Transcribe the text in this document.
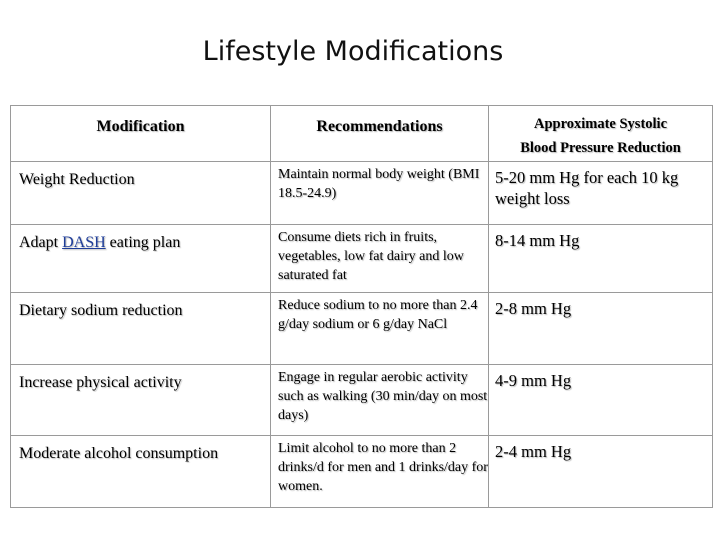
Lifestyle Modifications
Modification	Recommendations	Approximate Systolic
Blood Pressure Reduction

Weight Reduction	Maintain normal body weight (BMI 18.5-24.9)	5-20 mm Hg for each 10 kg weight loss
Adapt DASH eating plan	Consume diets rich in fruits, vegetables, low fat dairy and low saturated fat	8-14 mm Hg
Dietary sodium reduction	Reduce sodium to no more than 2.4 g/day sodium or 6 g/day NaCl	2-8 mm Hg
Increase physical activity	Engage in regular aerobic activity such as walking (30 min/day on most days)	4-9 mm Hg
Moderate alcohol consumption	Limit alcohol to no more than 2 drinks/d for men and 1 drinks/day for women.	2-4 mm Hg
